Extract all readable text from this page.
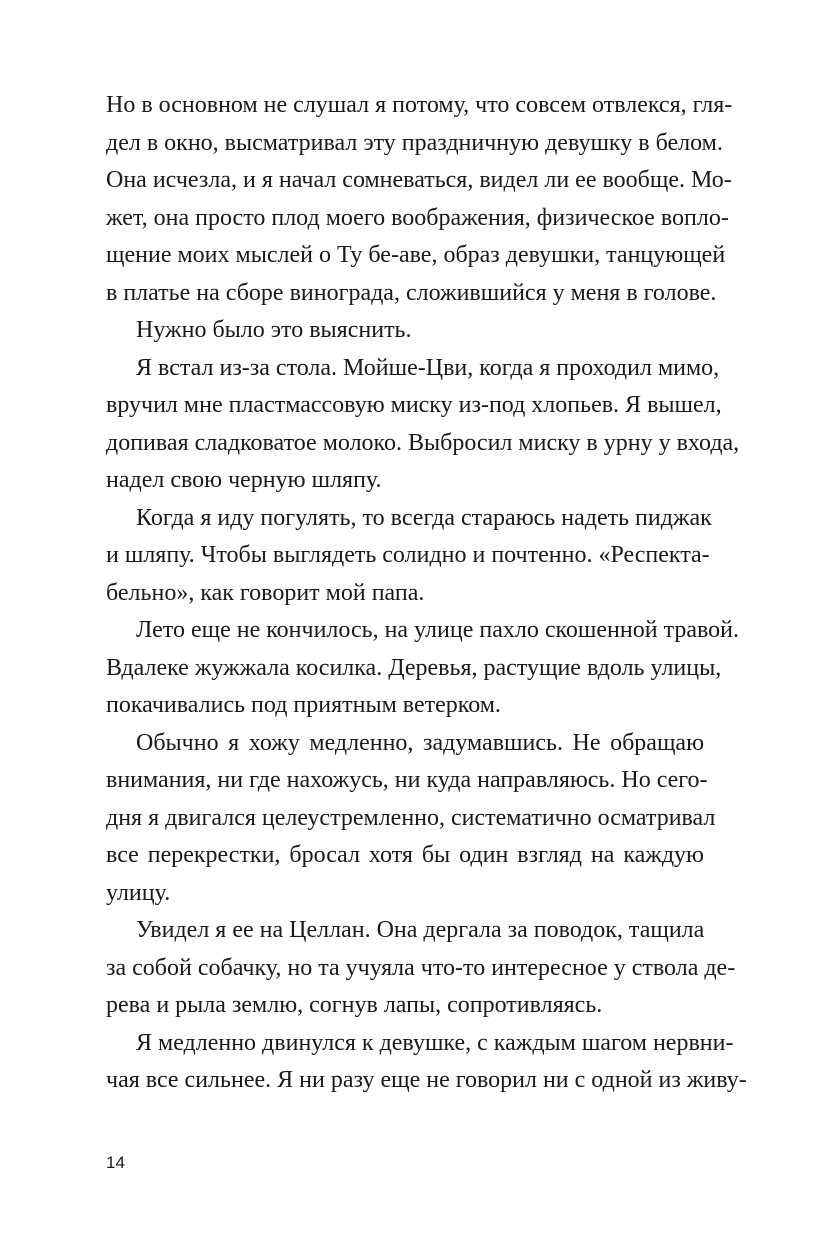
Но в основном не слушал я потому, что совсем отвлекся, гля-
дел в окно, высматривал эту праздничную девушку в белом.
Она исчезла, и я начал сомневаться, видел ли ее вообще. Мо-
жет, она просто плод моего воображения, физическое вопло-
щение моих мыслей о Ту бе-аве, образ девушки, танцующей
в платье на сборе винограда, сложившийся у меня в голове.
Нужно было это выяснить.
Я встал из-за стола. Мойше-Цви, когда я проходил мимо,
вручил мне пластмассовую миску из-под хлопьев. Я вышел,
допивая сладковатое молоко. Выбросил миску в урну у входа,
надел свою черную шляпу.
Когда я иду погулять, то всегда стараюсь надеть пиджак
и шляпу. Чтобы выглядеть солидно и почтенно. «Респекта-
бельно», как говорит мой папа.
Лето еще не кончилось, на улице пахло скошенной травой.
Вдалеке жужжала косилка. Деревья, растущие вдоль улицы,
покачивались под приятным ветерком.
Обычно я хожу медленно, задумавшись. Не обращаю
внимания, ни где нахожусь, ни куда направляюсь. Но сего-
дня я двигался целеустремленно, систематично осматривал
все перекрестки, бросал хотя бы один взгляд на каждую
улицу.
Увидел я ее на Целлан. Она дергала за поводок, тащила
за собой собачку, но та учуяла что-то интересное у ствола де-
рева и рыла землю, согнув лапы, сопротивляясь.
Я медленно двинулся к девушке, с каждым шагом нервни-
чая все сильнее. Я ни разу еще не говорил ни с одной из живу-
14
